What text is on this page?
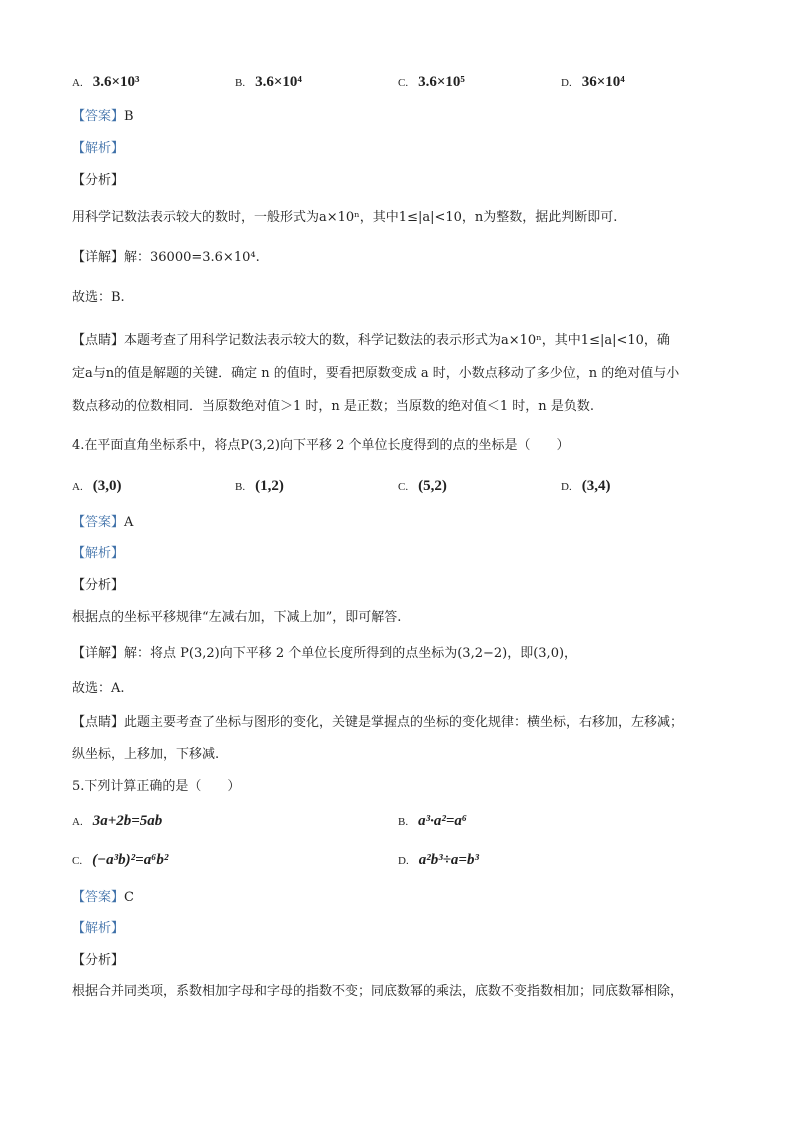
A. 3.6×10³	B. 3.6×10⁴	C. 3.6×10⁵	D. 36×10⁴
【答案】B
【解析】
【分析】
用科学记数法表示较大的数时，一般形式为a×10ⁿ，其中1≤|a|<10，n为整数，据此判断即可.
【详解】解：36000=3.6×10⁴.
故选：B.
【点睛】本题考查了用科学记数法表示较大的数，科学记数法的表示形式为a×10ⁿ，其中1≤|a|<10，确
定a与n的值是解题的关键．确定 n 的值时，要看把原数变成 a 时，小数点移动了多少位，n 的绝对值与小
数点移动的位数相同．当原数绝对值＞1 时，n 是正数；当原数的绝对值＜1 时，n 是负数.
4.在平面直角坐标系中，将点P(3,2)向下平移 2 个单位长度得到的点的坐标是（　　）
A. (3,0)	B. (1,2)	C. (5,2)	D. (3,4)
【答案】A
【解析】
【分析】
根据点的坐标平移规律“左减右加，下减上加”，即可解答.
【详解】解：将点 P(3,2)向下平移 2 个单位长度所得到的点坐标为(3,2−2)，即(3,0)，
故选：A.
【点睛】此题主要考查了坐标与图形的变化，关键是掌握点的坐标的变化规律：横坐标，右移加，左移减；
纵坐标，上移加，下移减.
5.下列计算正确的是（　　）
A. 3a+2b=5ab	B. a³·a²=a⁶
C. (−a³b)²=a⁶b²	D. a²b³÷a=b³
【答案】C
【解析】
【分析】
根据合并同类项，系数相加字母和字母的指数不变；同底数幂的乘法，底数不变指数相加；同底数幂相除，
